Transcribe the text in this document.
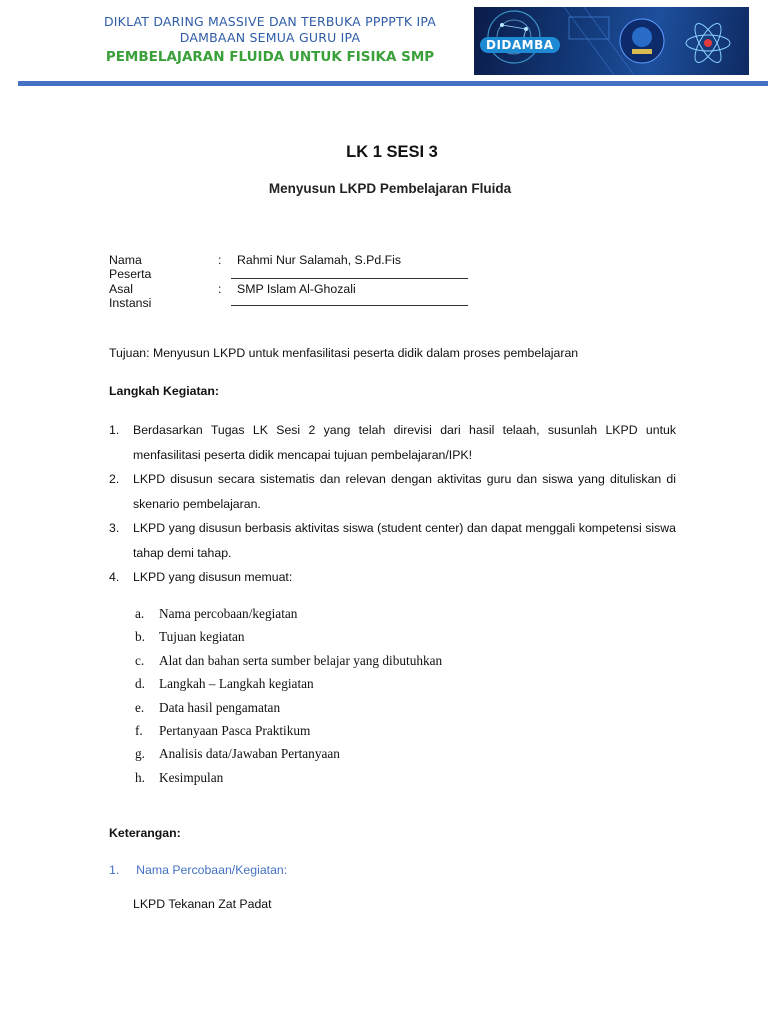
DIKLAT DARING MASSIVE DAN TERBUKA PPPPTK IPA
DAMBAAN SEMUA GURU IPA
PEMBELAJARAN FLUIDA UNTUK FISIKA SMP
DIDAMBA
LK 1 SESI 3
Menyusun LKPD Pembelajaran Fluida
Nama Peserta
: Rahmi Nur Salamah, S.Pd.Fis
Asal Instansi
: SMP Islam Al-Ghozali
Tujuan: Menyusun LKPD untuk menfasilitasi peserta didik dalam proses pembelajaran
Langkah Kegiatan:
1. Berdasarkan Tugas LK Sesi 2 yang telah direvisi dari hasil telaah, susunlah LKPD untuk menfasilitasi peserta didik mencapai tujuan pembelajaran/IPK!
2. LKPD disusun secara sistematis dan relevan dengan aktivitas guru dan siswa yang dituliskan di skenario pembelajaran.
3. LKPD yang disusun berbasis aktivitas siswa (student center) dan dapat menggali kompetensi siswa tahap demi tahap.
4. LKPD yang disusun memuat:
a. Nama percobaan/kegiatan
b. Tujuan kegiatan
c. Alat dan bahan serta sumber belajar yang dibutuhkan
d. Langkah – Langkah kegiatan
e. Data hasil pengamatan
f. Pertanyaan Pasca Praktikum
g. Analisis data/Jawaban Pertanyaan
h. Kesimpulan
Keterangan:
1. Nama Percobaan/Kegiatan:
LKPD Tekanan Zat Padat
